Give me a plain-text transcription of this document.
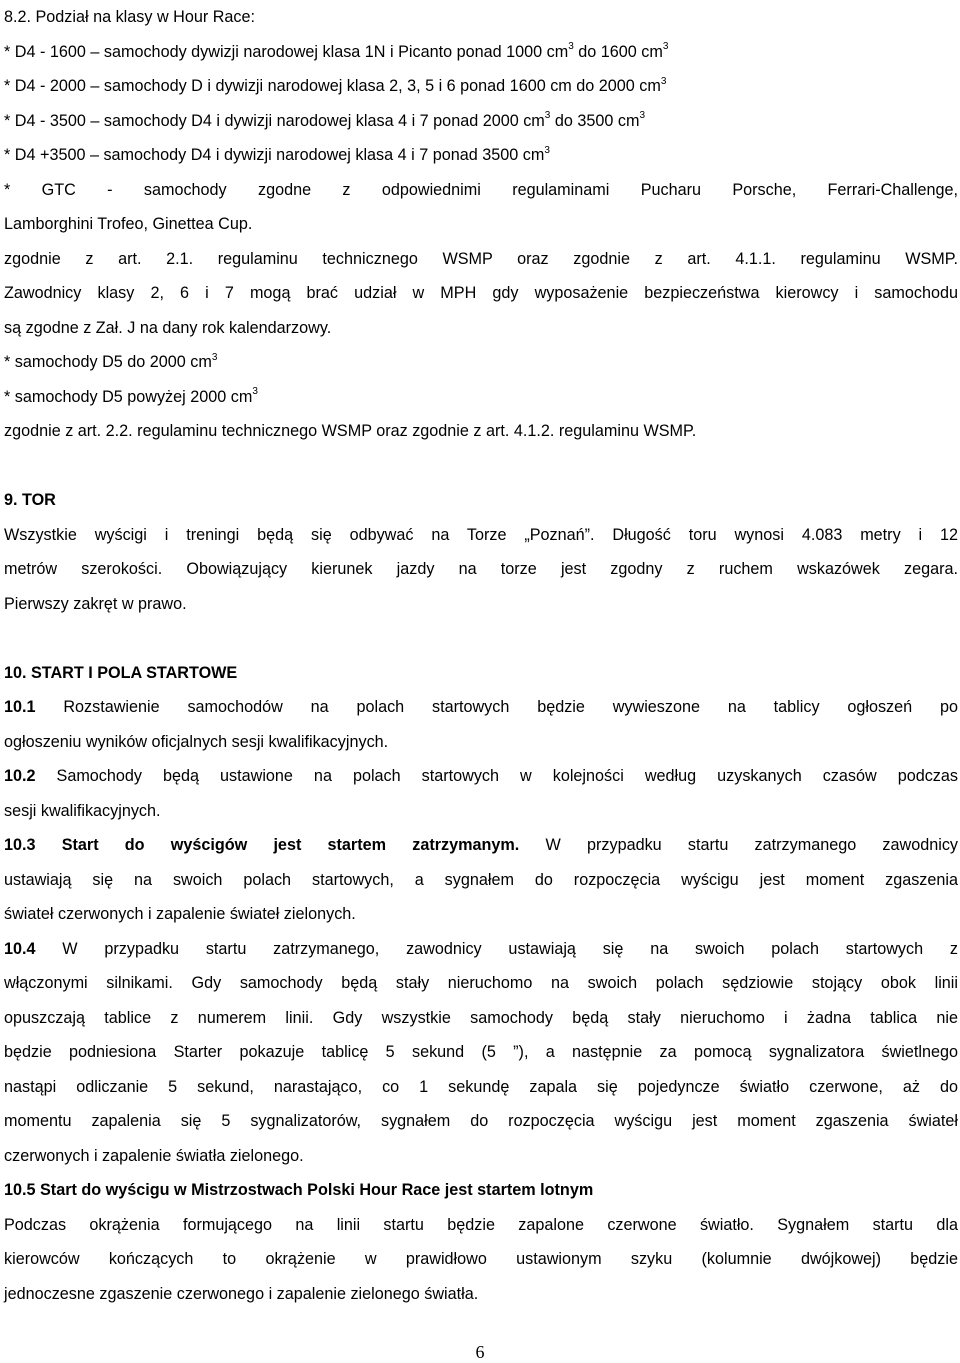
8.2. Podział na klasy w Hour Race:
* D4 - 1600 – samochody dywizji narodowej klasa 1N i Picanto ponad 1000 $cm^3$ do 1600 $cm^3$
* D4 - 2000 – samochody D i dywizji narodowej klasa 2, 3, 5 i 6 ponad 1600 cm do 2000 $cm^3$
* D4 - 3500 – samochody D4 i dywizji narodowej klasa 4 i 7 ponad 2000 $cm^3$ do 3500 $cm^3$
* D4 +3500 – samochody D4 i dywizji narodowej klasa 4 i 7 ponad 3500 $cm^3$
* GTC - samochody zgodne z odpowiednimi regulaminami Pucharu Porsche, Ferrari-Challenge,
Lamborghini Trofeo, Ginettea Cup.
zgodnie z art. 2.1. regulaminu technicznego WSMP oraz zgodnie z art. 4.1.1. regulaminu WSMP.
Zawodnicy klasy 2, 6 i 7 mogą brać udział w MPH gdy wyposażenie bezpieczeństwa kierowcy i samochodu
są zgodne z Zał. J na dany rok kalendarzowy.
* samochody D5 do 2000 $cm^3$
* samochody D5 powyżej 2000 $cm^3$
zgodnie z art. 2.2. regulaminu technicznego WSMP oraz zgodnie z art. 4.1.2. regulaminu WSMP.
9. TOR
Wszystkie wyścigi i treningi będą się odbywać na Torze „Poznań”. Długość toru wynosi 4.083 metry i 12
metrów szerokości. Obowiązujący kierunek jazdy na torze jest zgodny z ruchem wskazówek zegara.
Pierwszy zakręt w prawo.
10. START I POLA STARTOWE
10.1 Rozstawienie samochodów na polach startowych będzie wywieszone na tablicy ogłoszeń po
ogłoszeniu wyników oficjalnych sesji kwalifikacyjnych.
10.2 Samochody będą ustawione na polach startowych w kolejności według uzyskanych czasów podczas
sesji kwalifikacyjnych.
10.3 Start do wyścigów jest startem zatrzymanym. W przypadku startu zatrzymanego zawodnicy
ustawiają się na swoich polach startowych, a sygnałem do rozpoczęcia wyścigu jest moment zgaszenia
świateł czerwonych i zapalenie świateł zielonych.
10.4 W przypadku startu zatrzymanego, zawodnicy ustawiają się na swoich polach startowych z
włączonymi silnikami. Gdy samochody będą stały nieruchomo na swoich polach sędziowie stojący obok linii
opuszczają tablice z numerem linii. Gdy wszystkie samochody będą stały nieruchomo i żadna tablica nie
będzie podniesiona Starter pokazuje tablicę 5 sekund (5 ”), a następnie za pomocą sygnalizatora świetlnego
nastąpi odliczanie 5 sekund, narastająco, co 1 sekundę zapala się pojedyncze światło czerwone, aż do
momentu zapalenia się 5 sygnalizatorów, sygnałem do rozpoczęcia wyścigu jest moment zgaszenia świateł
czerwonych i zapalenie światła zielonego.
10.5 Start do wyścigu w Mistrzostwach Polski Hour Race jest startem lotnym
Podczas okrążenia formującego na linii startu będzie zapalone czerwone światło. Sygnałem startu dla
kierowców kończących to okrążenie w prawidłowo ustawionym szyku (kolumnie dwójkowej) będzie
jednoczesne zgaszenie czerwonego i zapalenie zielonego światła.
6
